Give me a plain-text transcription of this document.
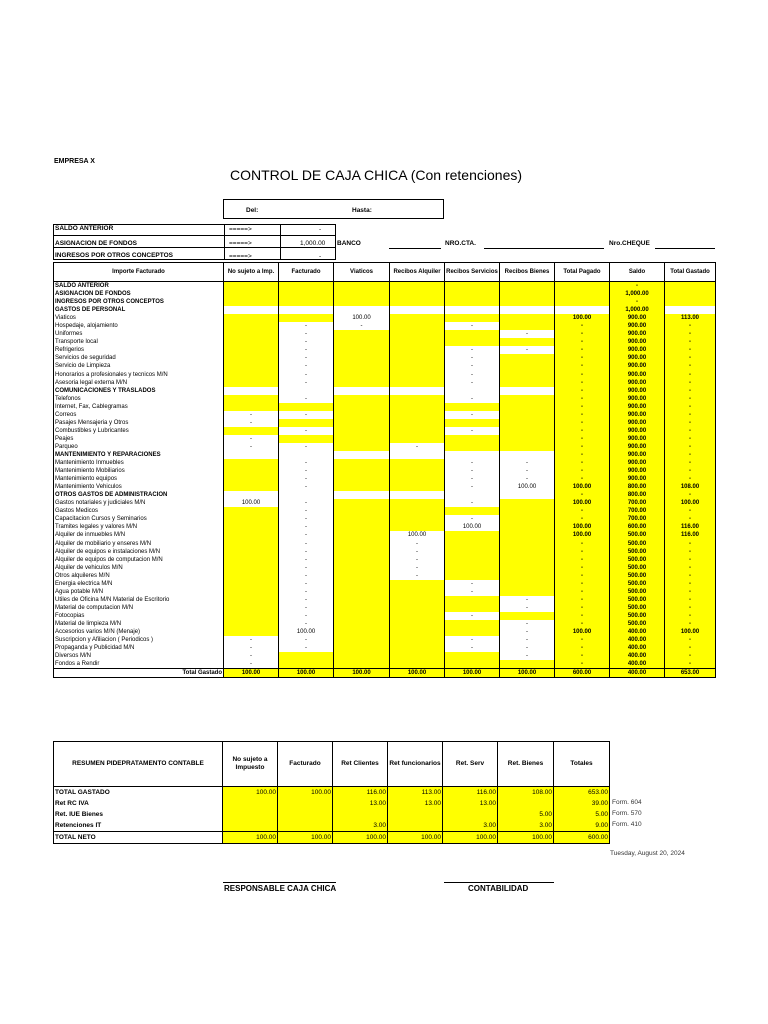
EMPRESA X
CONTROL DE CAJA CHICA (Con retenciones)
Del:	Hasta:
SALDO ANTERIOR	=====>	-
ASIGNACION DE FONDOS	=====>	1,000.00 BANCO	NRO.CTA.	Nro.CHEQUE
INGRESOS POR OTROS CONCEPTOS	=====>	-
Importe Facturado	No sujeto a Imp.	Facturado	Viaticos	Recibos Alquiler	Recibos Servicios	Recibos Bienes	Total Pagado	Saldo	Total Gastado
SALDO ANTERIOR								-	
ASIGNACION DE FONDOS								1,000.00	
INGRESOS POR OTROS CONCEPTOS								-	
GASTOS DE PERSONAL								1,000.00	
Viaticos			100.00				100.00	900.00	113.00
Hospedaje, alojamiento		-	-		-		-	900.00	-
Uniformes		-				-	-	900.00	-
Transporte local		-					-	900.00	-
Refrigerios		-			-	-	-	900.00	-
Servicios de seguridad		-			-		-	900.00	-
Servicio de Limpieza		-			-		-	900.00	-
Honorarios a profesionales y tecnicos M/N		-			-		-	900.00	-
Asesoria legal externa M/N		-			-		-	900.00	-
COMUNICACIONES Y TRASLADOS							-	900.00	-
Telefonos		-			-		-	900.00	-
Internet, Fax, Cablegramas							-	900.00	-
Correos	-	-			-		-	900.00	-
Pasajes Mensajeria y Otros	-						-	900.00	-
Combustibles y Lubricantes		-			-		-	900.00	-
Peajes	-						-	900.00	-
Parqueo	-	-		-			-	900.00	-
MANTENIMIENTO Y REPARACIONES							-	900.00	-
Mantenimiento Inmuebles		-			-	-	-	900.00	-
Mantenimiento Mobiliarios		-			-	-	-	900.00	-
Mantenimiento equipos		-			-	-	-	900.00	-
Mantenimiento Vehiculos		-			-	100.00	100.00	800.00	108.00
OTROS GASTOS DE ADMINISTRACION							-	800.00	-
Gastos notariales y judiciales M/N	100.00	-			-		100.00	700.00	100.00
Gastos Medicos		-					-	700.00	-
Capacitacion Cursos y Seminarios		-			-		-	700.00	-
Tramites legales y valores M/N		-			100.00		100.00	600.00	116.00
Alquiler de inmuebles M/N		-		100.00			100.00	500.00	116.00
Alquiler de mobiliario y enseres M/N		-		-			-	500.00	-
Alquiler de equipos e instalaciones M/N		-		-			-	500.00	-
Alquiler de equipos de computacion M/N		-		-			-	500.00	-
Alquiler de vehiculos M/N		-		-			-	500.00	-
Otros alquileres M/N		-		-			-	500.00	-
Energia electrica M/N		-			-		-	500.00	-
Agua potable M/N		-			-		-	500.00	-
Utiles de Oficina M/N Material de Escritorio		-				-	-	500.00	-
Material de computacion M/N		-				-	-	500.00	-
Fotocopias		-			-		-	500.00	-
Material de limpieza M/N		-				-	-	500.00	-
Accesorios varios M/N (Menaje)		100.00				-	100.00	400.00	100.00
Suscripcion y Afiliacion ( Periodicos )	-	-			-	-	-	400.00	-
Propaganda y Publicidad M/N	-	-			-	-	-	400.00	-
Diversos M/N	-					-	-	400.00	-
Fondos a Rendir	-						-	400.00	-
Total Gastado	100.00	100.00	100.00	100.00	100.00	100.00	600.00	400.00	653.00
RESUMEN PIDEPRATAMENTO CONTABLE	No sujeto a Impuesto	Facturado	Ret Clientes	Ret funcionarios	Ret. Serv	Ret. Bienes	Totales
TOTAL GASTADO	100.00	100.00	116.00	113.00	116.00	108.00	653.00
Ret RC IVA			13.00	13.00	13.00		39.00
Ret. IUE Bienes						5.00	5.00
Retenciones IT			3.00		3.00	3.00	9.00
TOTAL NETO	100.00	100.00	100.00	100.00	100.00	100.00	600.00
Form. 604
Form. 570
Form. 410
Tuesday, August 20, 2024
RESPONSABLE CAJA CHICA	CONTABILIDAD
